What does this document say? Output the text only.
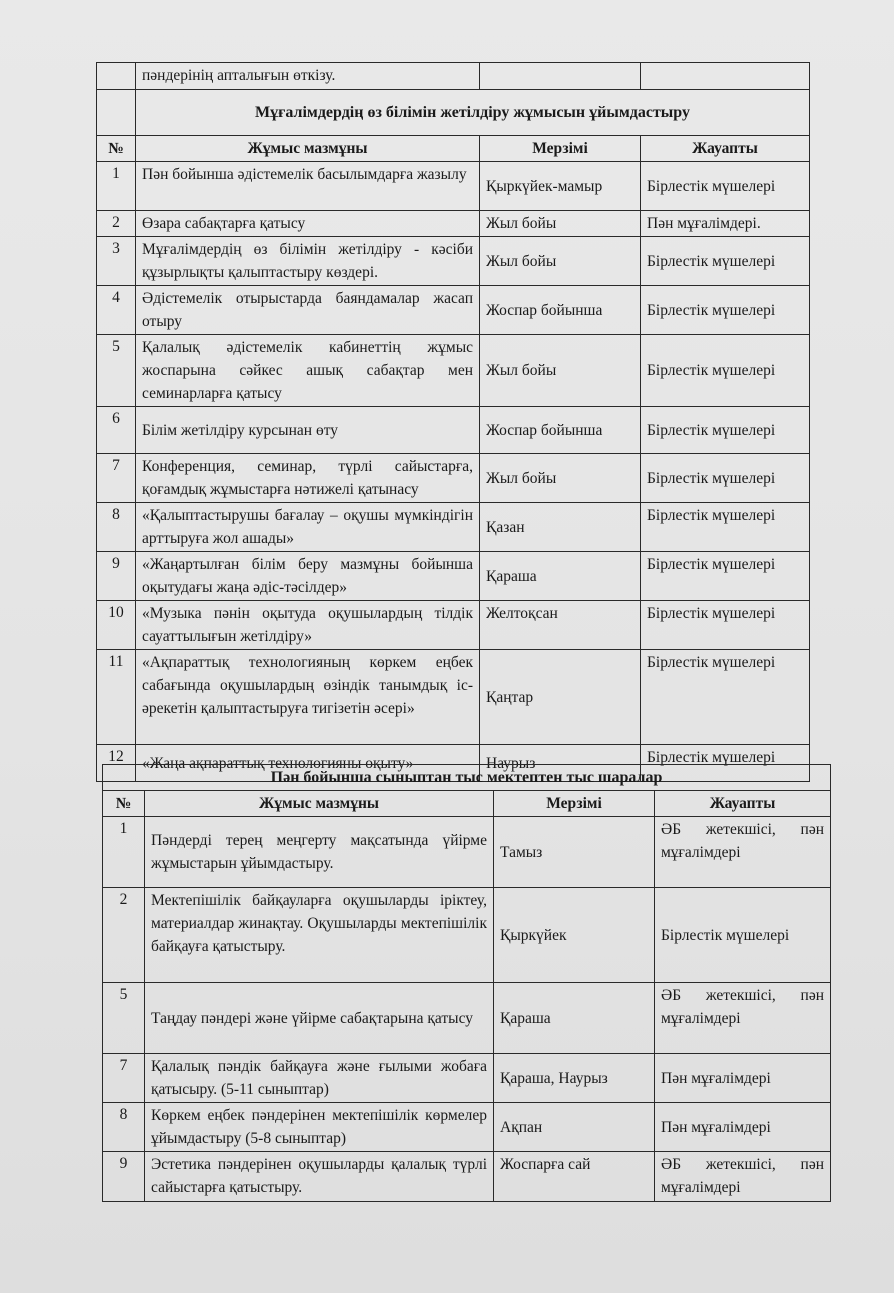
	пәндерінің апталығын өткізу.		
	Мұғалімдердің өз білімін жетілдіру жұмысын ұйымдастыру		
№	Жұмыс мазмұны	Мерзімі	Жауапты
1	Пән бойынша әдістемелік басылымдарға жазылу	Қыркүйек-мамыр	Бірлестік мүшелері
2	Өзара сабақтарға қатысу	Жыл бойы	Пән мұғалімдері.
3	Мұғалімдердің өз білімін жетілдіру - кәсіби құзырлықты қалыптастыру көздері.	Жыл бойы	Бірлестік мүшелері
4	Әдістемелік отырыстарда баяндамалар жасап отыру	Жоспар бойынша	Бірлестік мүшелері
5	Қалалық әдістемелік кабинеттің жұмыс жоспарына сәйкес ашық сабақтар мен семинарларға қатысу	Жыл бойы	Бірлестік мүшелері
6	Білім жетілдіру курсынан өту	Жоспар бойынша	Бірлестік мүшелері
7	Конференция, семинар, түрлі сайыстарға, қоғамдық жұмыстарға нәтижелі қатынасу	Жыл бойы	Бірлестік мүшелері
8	«Қалыптастырушы бағалау – оқушы мүмкіндігін арттыруға жол ашады»	Қазан	Бірлестік мүшелері
9	«Жаңартылған білім беру мазмұны бойынша оқытудағы жаңа әдіс-тәсілдер»	Қараша	Бірлестік мүшелері
10	«Музыка пәнін оқытуда оқушылардың тілдік сауаттылығын жетілдіру»	Желтоқсан	Бірлестік мүшелері
11	«Ақпараттық технологияның көркем еңбек сабағында оқушылардың өзіндік танымдық іс-әрекетін қалыптастыруға тигізетін әсері»	Қаңтар	Бірлестік мүшелері
12	«Жаңа ақпараттық технологияны оқыту»	Наурыз	Бірлестік мүшелері
Пән бойынша сыныптан тыс мектептен тыс шаралар			
№	Жұмыс мазмұны	Мерзімі	Жауапты
1	Пәндерді терең меңгерту мақсатында үйірме жұмыстарын ұйымдастыру.	Тамыз	ӘБ жетекшісі, пән мұғалімдері
2	Мектепішілік байқауларға оқушыларды іріктеу, материалдар жинақтау. Оқушыларды мектепішілік байқауға қатыстыру.	Қыркүйек	Бірлестік мүшелері
5	Таңдау пәндері және үйірме сабақтарына қатысу	Қараша	ӘБ жетекшісі, пән мұғалімдері
7	Қалалық пәндік байқауға және ғылыми жобаға қатысыру. (5-11 сыныптар)	Қараша, Наурыз	Пән мұғалімдері
8	Көркем еңбек пәндерінен мектепішілік көрмелер ұйымдастыру (5-8 сыныптар)	Ақпан	Пән мұғалімдері
9	Эстетика пәндерінен оқушыларды қалалық түрлі сайыстарға қатыстыру.	Жоспарға сай	ӘБ жетекшісі, пән мұғалімдері
